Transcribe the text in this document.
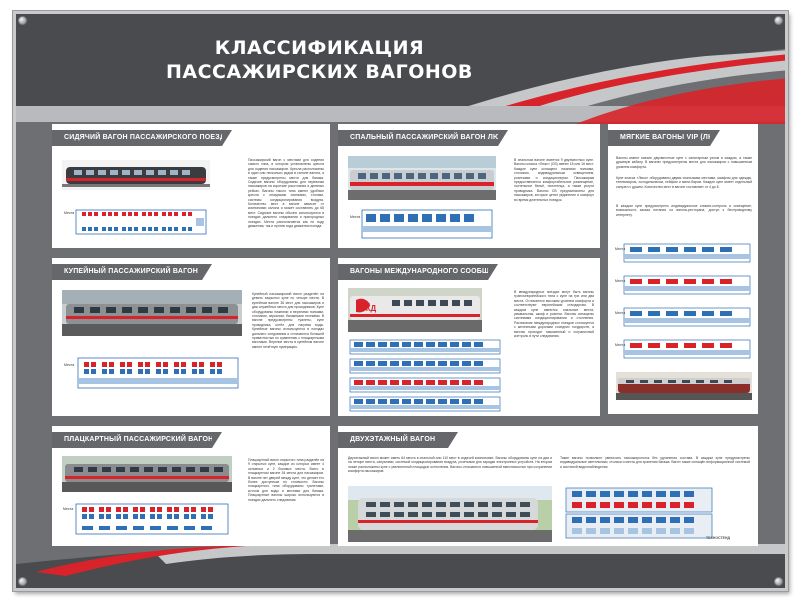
КЛАССИФИКАЦИЯ
ПАССАЖИРСКИХ ВАГОНОВ
СИДЯЧИЙ ВАГОН ПАССАЖИРСКОГО ПОЕЗДА
Места
Пассажирский вагон с местами для сидения самого типа, в котором установлены кресла для сидения пассажиров. Кресла расположены в один или несколько рядов в салоне вагона, а также предусмотрены места для багажа. Сидячие вагоны оборудованы для перевозки пассажиров на короткие расстояния и дневных рейсах. Вагоны такого типа имеют удобные кресла с откидными спинками, столики, системы кондиционирования воздуха. Количество мест в вагоне зависит от компоновки салона и может составлять до 68 мест. Сидячие вагоны обычно используются в поездах дальнего следования и пригородных поездах. Места располагаются как по ходу движения, так и против хода движения поезда.
СПАЛЬНЫЙ ПАССАЖИРСКИЙ ВАГОН ЛЮКС (СВ)
Места
В спальном вагоне имеется 9 двухместных купе. Вагоны класса «Люкс» (СВ) имеют 18 или 16 мест. Каждое купе оснащено нижними полками, столиком, индивидуальным освещением, розетками и кондиционером. Пассажирам предоставляется комфортабельное размещение, постельное бельё, полотенца, а также услуги проводника. Вагоны СВ предназначены для пассажиров, которые ценят уединение и комфорт во время длительных поездок.
МЯГКИЕ ВАГОНЫ VIP (ЛЮКС)
Вагоны имеют мягкие двухместные купе с санитарным узлом в каждом, а также душевую кабину. В вагонах предусмотрены места для пассажиров с повышенным уровнем комфорта.
Купе класса «Люкс» оборудованы двумя спальными местами, шкафом для одежды, телевизором, холодильником, сейфом и мини-баром. Каждое купе имеет отдельный санузел с душем. Количество мест в вагоне составляет от 4 до 8.
В каждом купе предусмотрено индивидуальное климат-контроль и освещение, возможность заказа питания из вагона-ресторана, доступ к беспроводному интернету.
Места
Места
Места
Места
КУПЕЙНЫЙ ПАССАЖИРСКИЙ ВАГОН
Места
Купейный пассажирский вагон разделён на девять закрытых купе по четыре места. В купейном вагоне 36 мест для пассажиров и два служебных места для проводников. Купе оборудованы нижними и верхними полками, столиком, зеркалом, багажными отсеками. В вагоне предусмотрены туалеты, купе проводника, котёл для нагрева воды. Купейные вагоны используются в поездах дальнего следования и отличаются большей приватностью по сравнению с плацкартными вагонами. Верхние места в купейном вагоне имеют нечётную нумерацию.
ВАГОНЫ МЕЖДУНАРОДНОГО СООБЩЕНИЯ
РЖД
В международных поездах могут быть вагоны трансъевропейского типа с купе на три или два места. Отличаются высоким уровнем комфорта и соответствуют европейским стандартам. В каждом купе имеются спальные места, умывальник, шкаф и розетки. Вагоны оснащены системами кондиционирования и отопления. Расписание международных поездов согласуется с железными дорогами соседних государств, а вагоны проходят таможенный и пограничный контроль в пути следования.
ПЛАЦКАРТНЫЙ ПАССАЖИРСКИЙ ВАГОН
Места
Плацкартный вагон открытого типа разделён на 9 открытых купе, каждое из которых имеет 4 основных и 2 боковых места. Всего в плацкартном вагоне 54 места для пассажиров. В вагоне нет дверей между купе, что делает его более доступным по стоимости. Вагоны плацкартного типа оборудованы туалетами, котлом для воды и местами для багажа. Плацкартные вагоны широко используются в поездах дальнего следования.
ДВУХЭТАЖНЫЙ ВАГОН
Двухэтажный вагон может иметь 64 места в спальной или 110 мест в сидячей компоновке. Вагоны оборудованы купе на два и на четыре места, санузлами, системой кондиционирования воздуха, розетками для зарядки электронных устройств. На втором этаже расположены купе с увеличенной площадью остекления. Вагоны отличаются повышенной вместимостью при сохранении комфорта пассажиров.
Такие вагоны позволяют увеличить пассажиропоток без удлинения состава. В каждом купе предусмотрены индивидуальные светильники, столики и места для хранения багажа. Вагон также оснащён информационной системой и системой видеонаблюдения.
ТЕХНОСТЕНД
